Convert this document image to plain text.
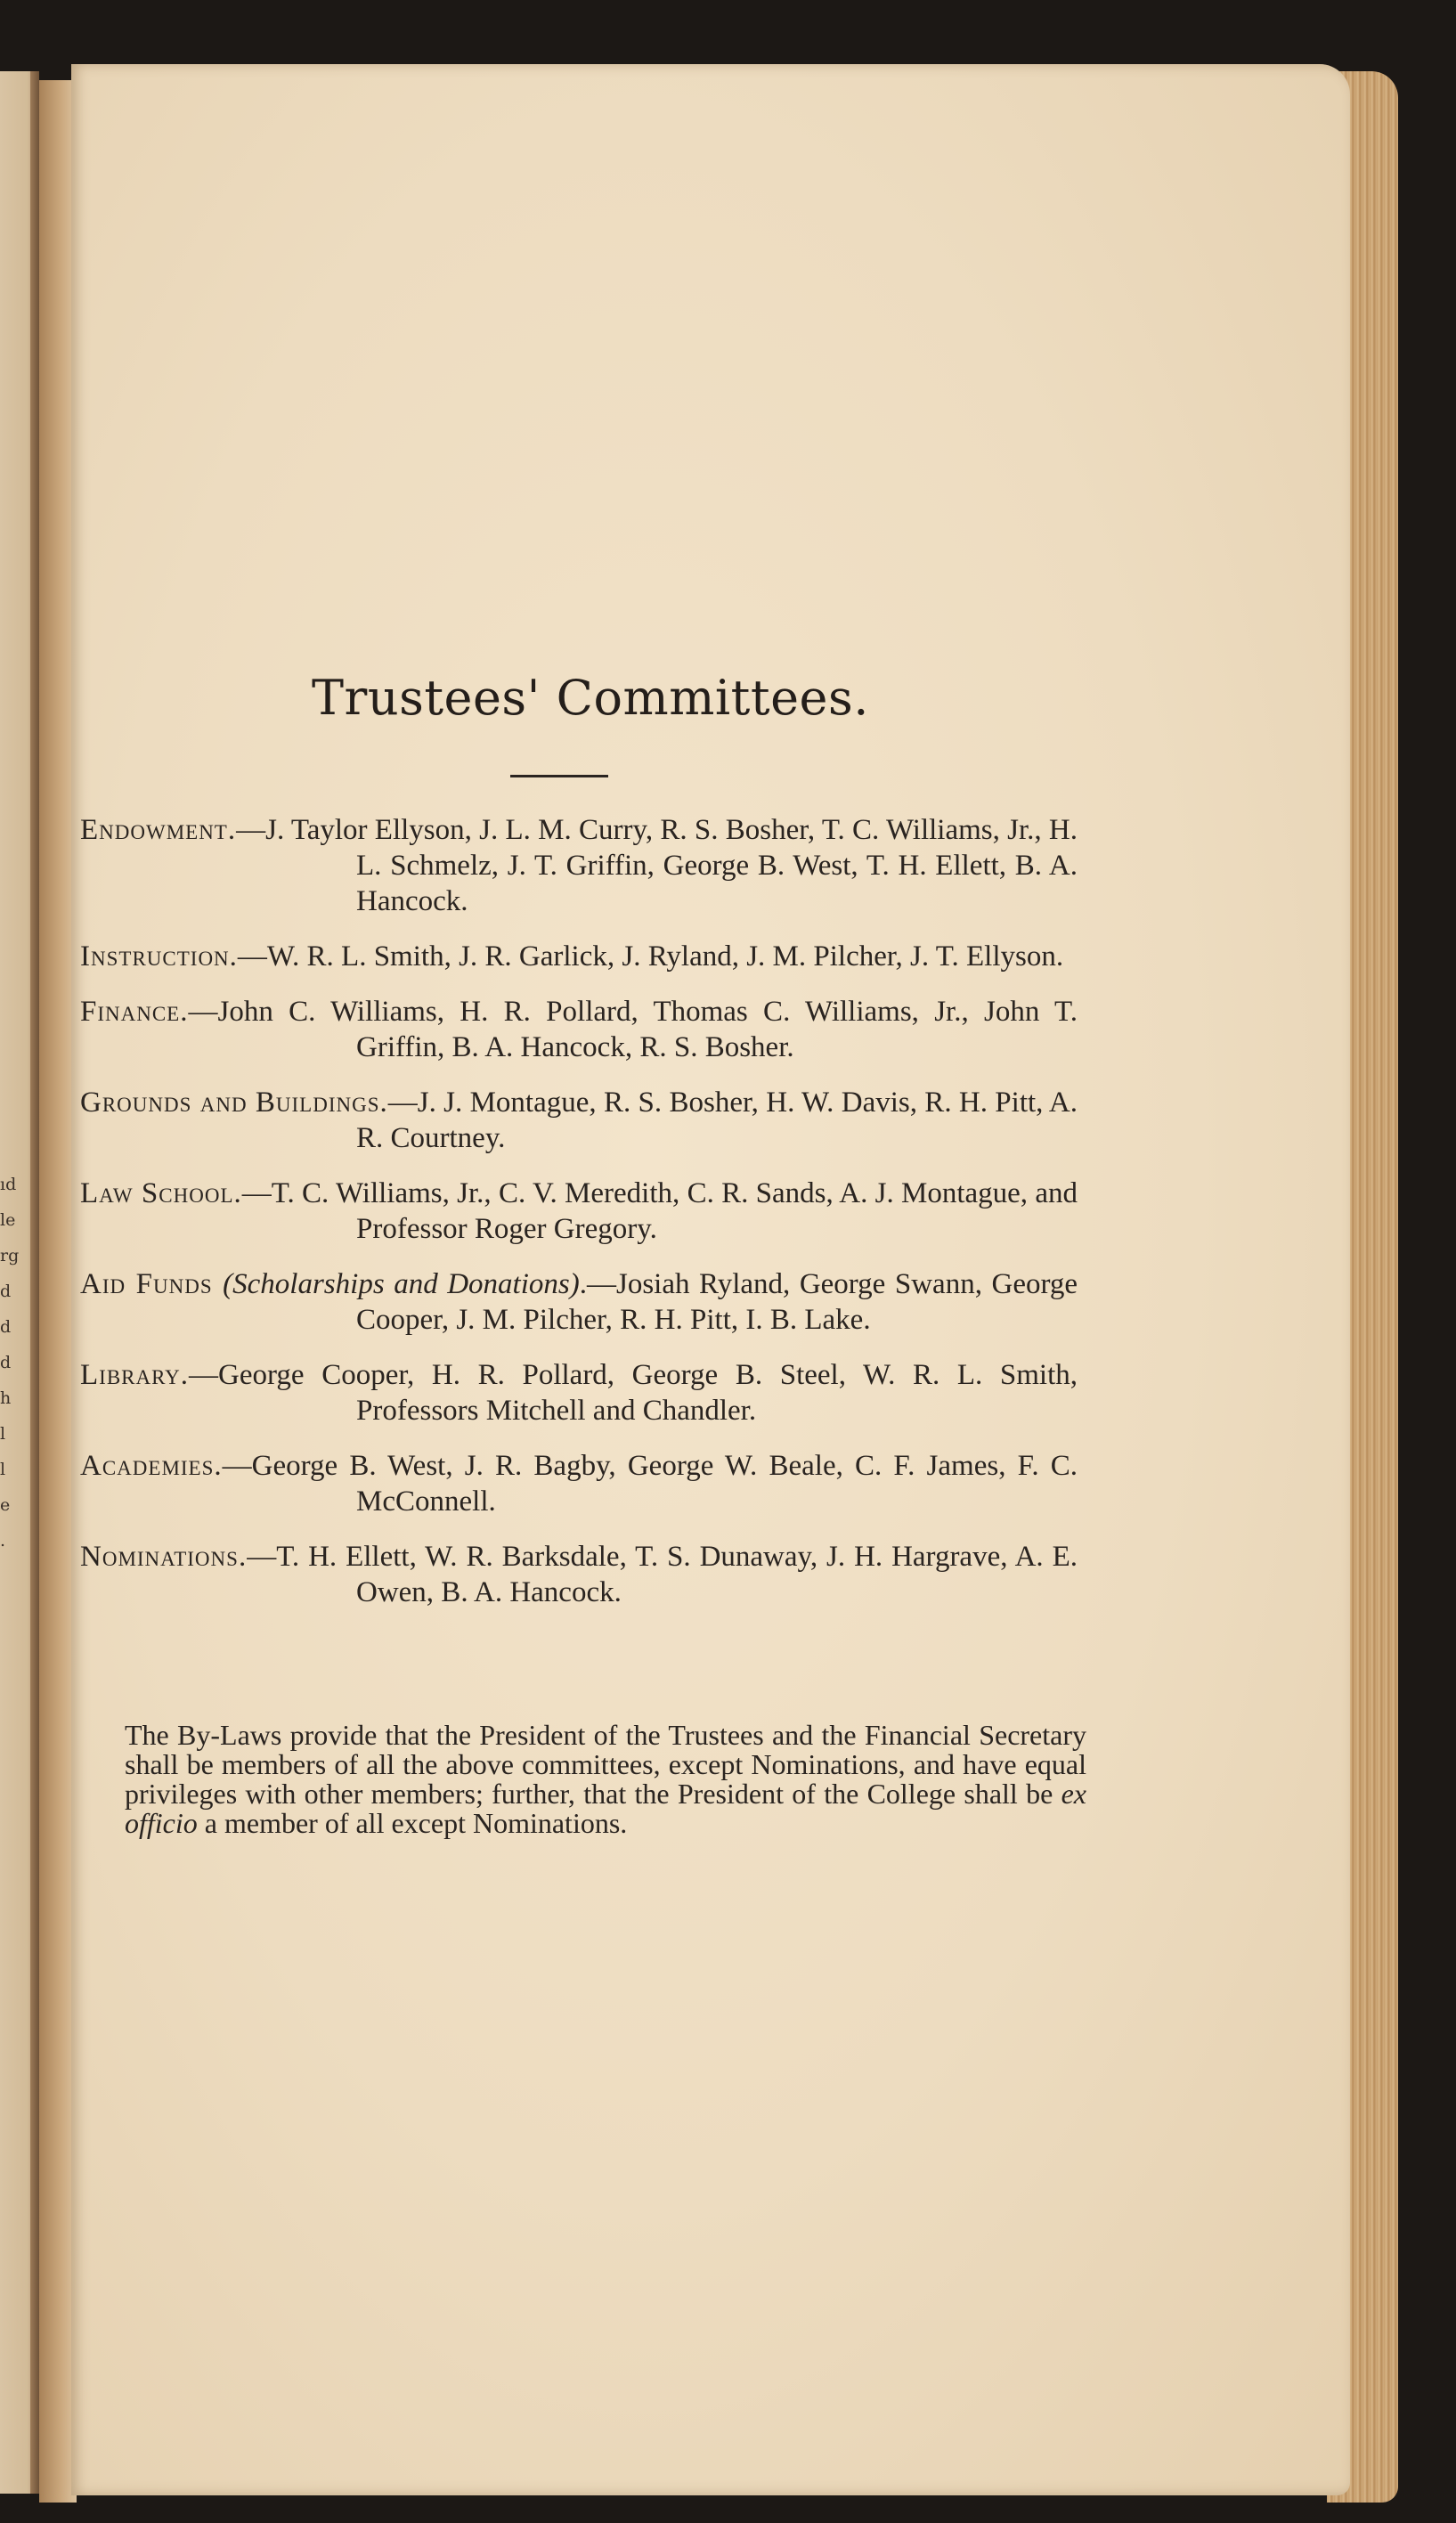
ıd
le
rg
d
d
d
h
l
l
e
.
Trustees' Committees.
Endowment.—J. Taylor Ellyson, J. L. M. Curry, R. S. Bosher, T. C. Williams, Jr., H. L. Schmelz, J. T. Griffin, George B. West, T. H. Ellett, B. A. Hancock.
Instruction.—W. R. L. Smith, J. R. Garlick, J. Ryland, J. M. Pilcher, J. T. Ellyson.
Finance.—John C. Williams, H. R. Pollard, Thomas C. Williams, Jr., John T. Griffin, B. A. Hancock, R. S. Bosher.
Grounds and Buildings.—J. J. Montague, R. S. Bosher, H. W. Davis, R. H. Pitt, A. R. Courtney.
Law School.—T. C. Williams, Jr., C. V. Meredith, C. R. Sands, A. J. Montague, and Professor Roger Gregory.
Aid Funds (Scholarships and Donations).—Josiah Ryland, George Swann, George Cooper, J. M. Pilcher, R. H. Pitt, I. B. Lake.
Library.—George Cooper, H. R. Pollard, George B. Steel, W. R. L. Smith, Professors Mitchell and Chandler.
Academies.—George B. West, J. R. Bagby, George W. Beale, C. F. James, F. C. McConnell.
Nominations.—T. H. Ellett, W. R. Barksdale, T. S. Dunaway, J. H. Hargrave, A. E. Owen, B. A. Hancock.
The By-Laws provide that the President of the Trustees and the Financial Secretary shall be members of all the above committees, except Nominations, and have equal privileges with other members; further, that the President of the College shall be ex officio a member of all except Nominations.
